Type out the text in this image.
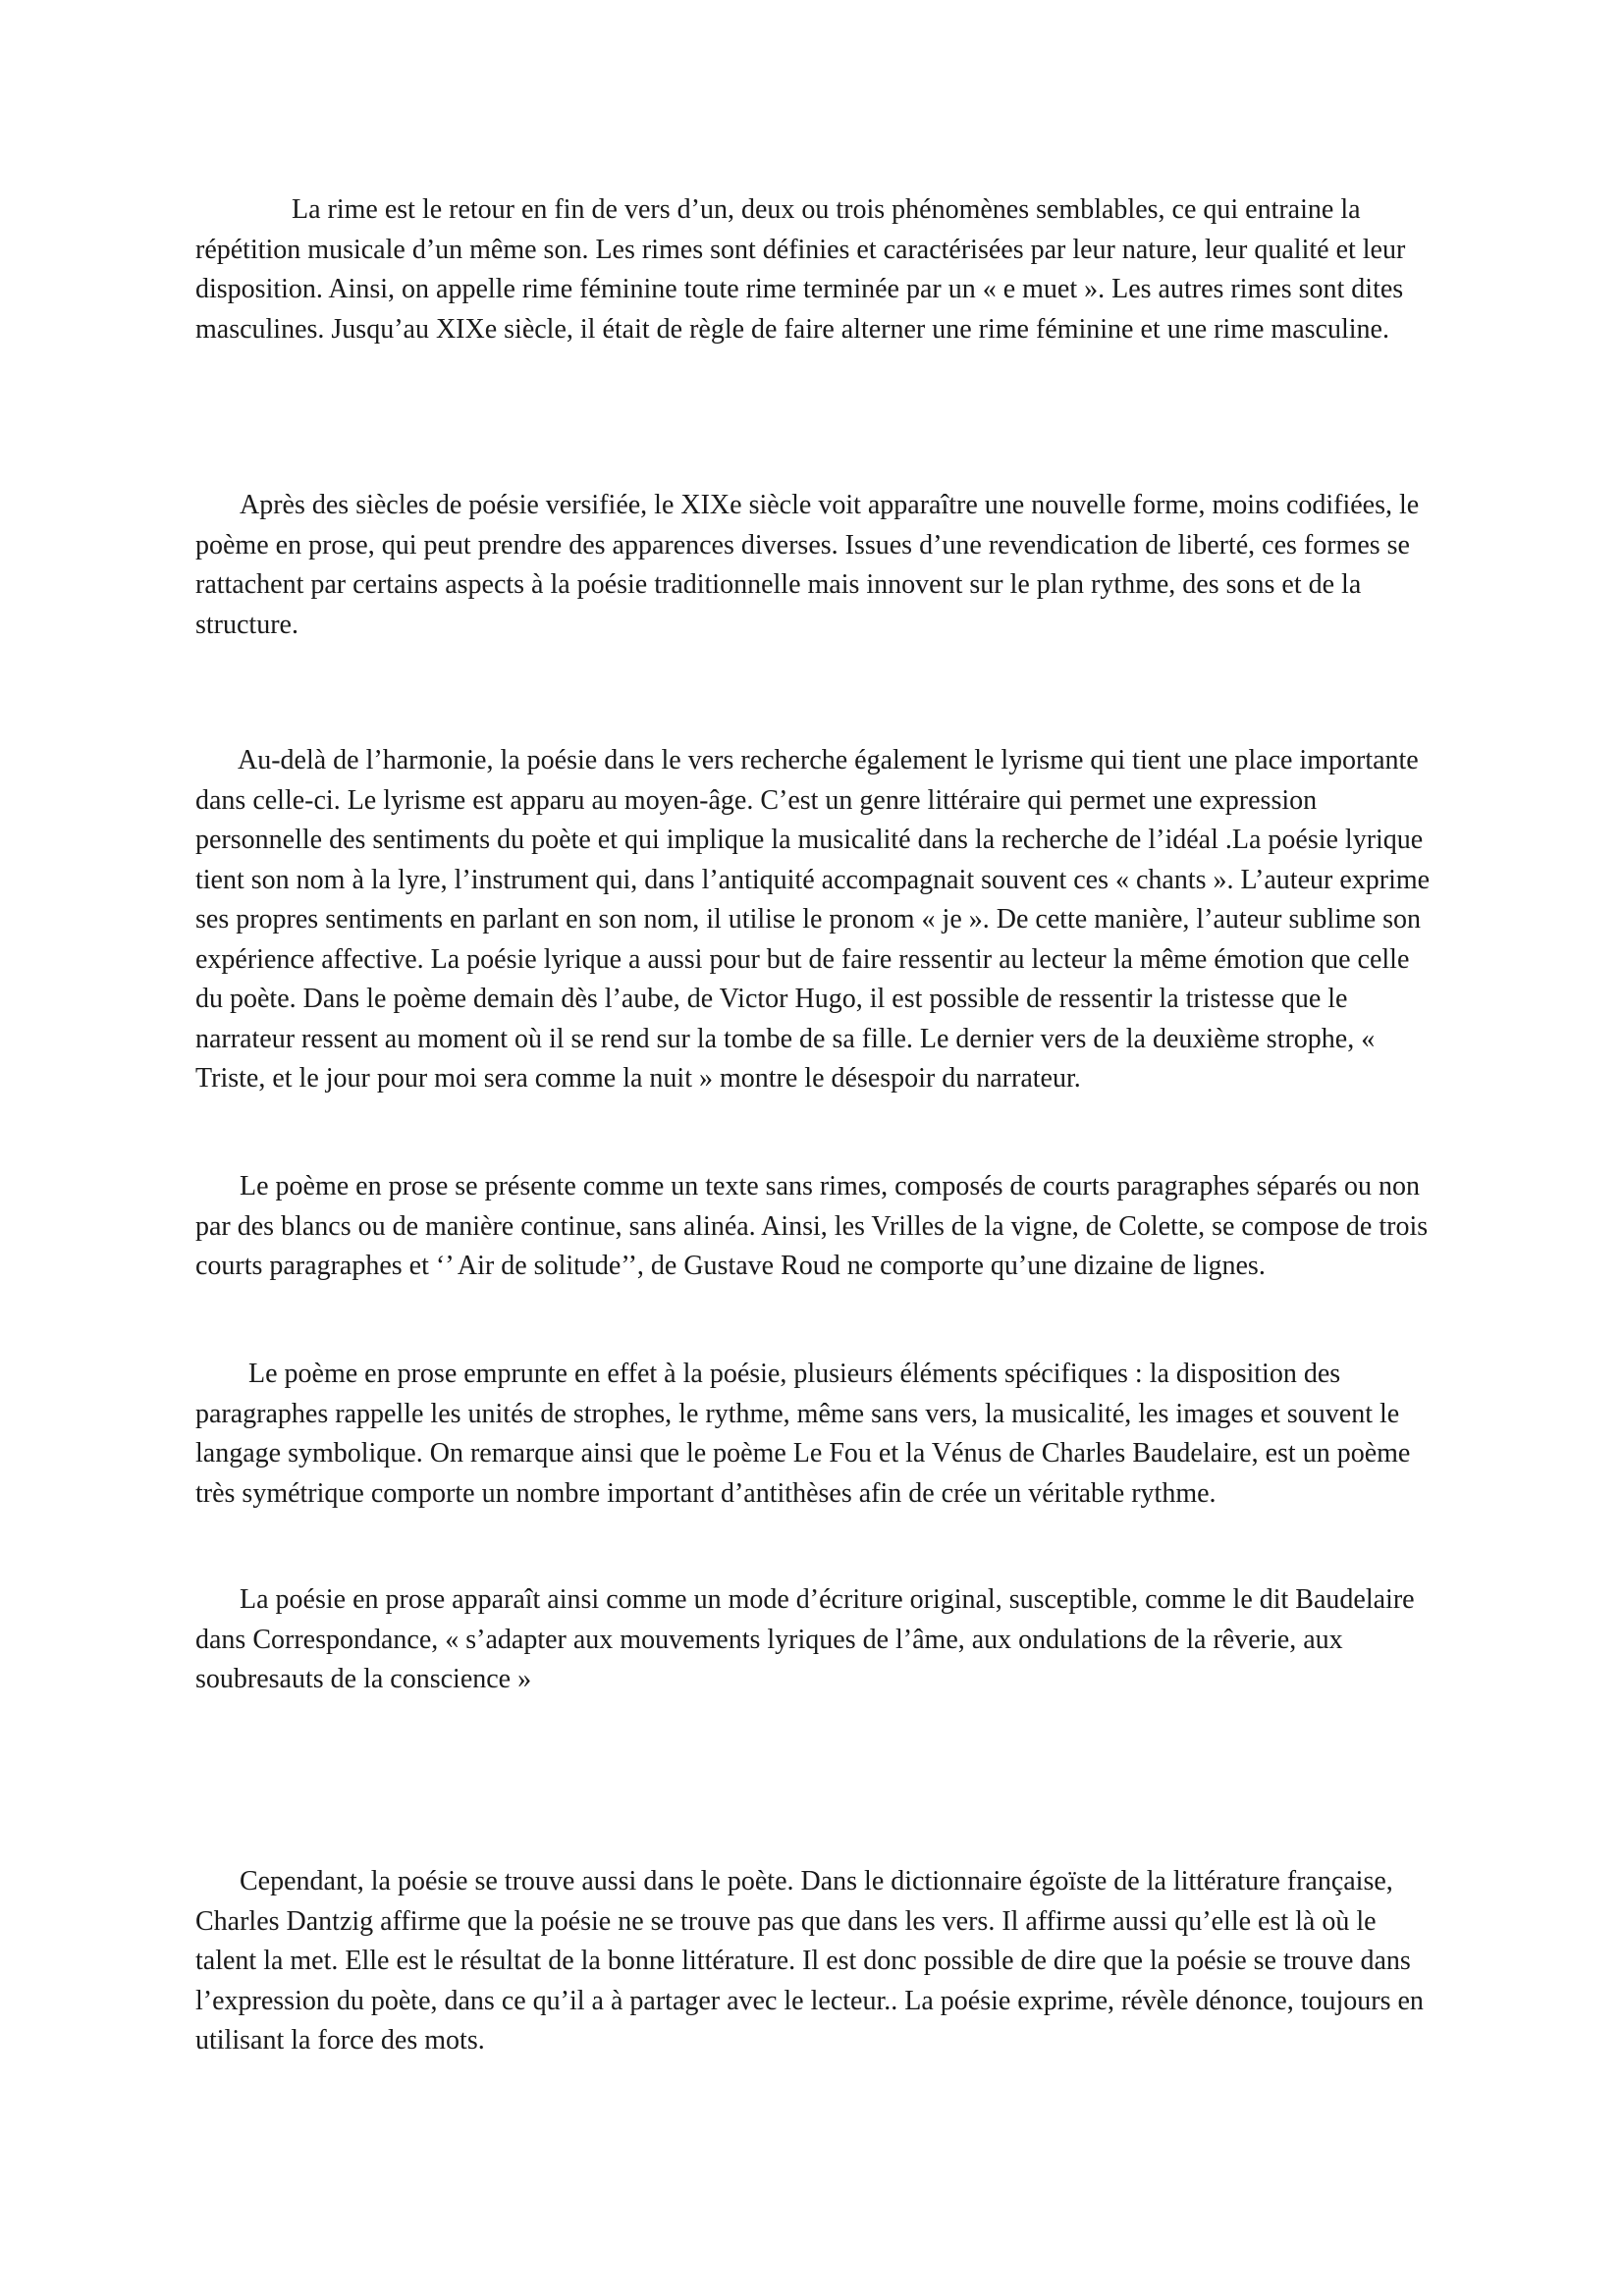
La rime est le retour en fin de vers d’un, deux ou trois phénomènes semblables, ce qui entraine la répétition musicale d’un même son. Les rimes sont définies et caractérisées par leur nature, leur qualité et leur disposition. Ainsi, on appelle rime féminine toute rime terminée par un « e muet ». Les autres rimes sont dites masculines. Jusqu’au XIXe siècle, il était de règle de faire alterner une rime féminine et une rime masculine.

Après des siècles de poésie versifiée, le XIXe siècle voit apparaître une nouvelle forme, moins codifiées, le poème en prose, qui peut prendre des apparences diverses. Issues d’une revendication de liberté, ces formes se rattachent par certains aspects à la poésie traditionnelle mais innovent sur le plan rythme, des sons et de la structure.

Au-delà de l’harmonie, la poésie dans le vers recherche également le lyrisme qui tient une place importante dans celle-ci. Le lyrisme est apparu au moyen-âge. C’est un genre littéraire qui permet une expression personnelle des sentiments du poète et qui implique la musicalité dans la recherche de l’idéal .La poésie lyrique tient son nom à la lyre, l’instrument qui, dans l’antiquité accompagnait souvent ces « chants ». L’auteur exprime ses propres sentiments en parlant en son nom, il utilise le pronom « je ». De cette manière, l’auteur sublime son expérience affective. La poésie lyrique a aussi pour but de faire ressentir au lecteur la même émotion que celle du poète. Dans le poème demain dès l’aube, de Victor Hugo, il est possible de ressentir la tristesse que le narrateur ressent au moment où il se rend sur la tombe de sa fille. Le dernier vers de la deuxième strophe, « Triste, et le jour pour moi sera comme la nuit » montre le désespoir du narrateur.

Le poème en prose se présente comme un texte sans rimes, composés de courts paragraphes séparés ou non par des blancs ou de manière continue, sans alinéa. Ainsi, les Vrilles de la vigne, de Colette, se compose de trois courts paragraphes et ‘’ Air de solitude’’, de Gustave Roud ne comporte qu’une dizaine de lignes.

Le poème en prose emprunte en effet à la poésie, plusieurs éléments spécifiques : la disposition des paragraphes rappelle les unités de strophes, le rythme, même sans vers, la musicalité, les images et souvent le langage symbolique. On remarque ainsi que le poème Le Fou et la Vénus de Charles Baudelaire, est un poème très symétrique comporte un nombre important d’antithèses afin de crée un véritable rythme.

La poésie en prose apparaît ainsi comme un mode d’écriture original, susceptible, comme le dit Baudelaire dans Correspondance, « s’adapter aux mouvements lyriques de l’âme, aux ondulations de la rêverie, aux soubresauts de la conscience »

Cependant, la poésie se trouve aussi dans le poète. Dans le dictionnaire égoïste de la littérature française, Charles Dantzig affirme que la poésie ne se trouve pas que dans les vers. Il affirme aussi qu’elle est là où le talent la met. Elle est le résultat de la bonne littérature. Il est donc possible de dire que la poésie se trouve dans l’expression du poète, dans ce qu’il a à partager avec le lecteur.. La poésie exprime, révèle dénonce, toujours en utilisant la force des mots.
